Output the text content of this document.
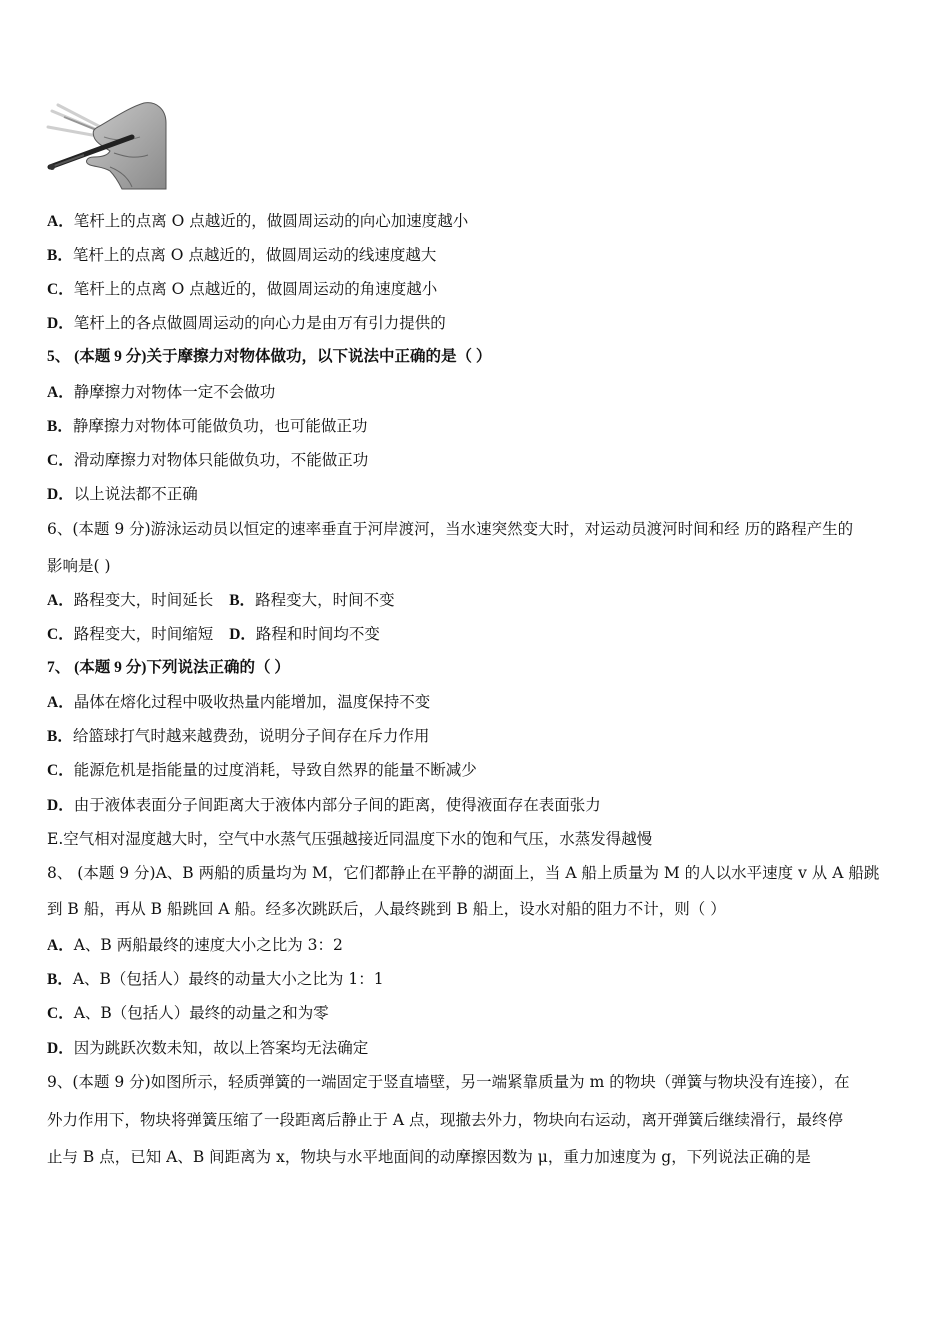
A．笔杆上的点离 O 点越近的，做圆周运动的向心加速度越小
B．笔杆上的点离 O 点越近的，做圆周运动的线速度越大
C．笔杆上的点离 O 点越近的，做圆周运动的角速度越小
D．笔杆上的各点做圆周运动的向心力是由万有引力提供的
5、 (本题 9 分)关于摩擦力对物体做功，以下说法中正确的是（ ）
A．静摩擦力对物体一定不会做功
B．静摩擦力对物体可能做负功，也可能做正功
C．滑动摩擦力对物体只能做负功，不能做正功
D．以上说法都不正确
6、(本题 9 分)游泳运动员以恒定的速率垂直于河岸渡河，当水速突然变大时，对运动员渡河时间和经 历的路程产生的
影响是( )
A．路程变大，时间延长 B．路程变大，时间不变
C．路程变大，时间缩短 D．路程和时间均不变
7、 (本题 9 分)下列说法正确的（ ）
A．晶体在熔化过程中吸收热量内能增加，温度保持不变
B．给篮球打气时越来越费劲，说明分子间存在斥力作用
C．能源危机是指能量的过度消耗，导致自然界的能量不断减少
D．由于液体表面分子间距离大于液体内部分子间的距离，使得液面存在表面张力
E.空气相对湿度越大时，空气中水蒸气压强越接近同温度下水的饱和气压，水蒸发得越慢
8、 (本题 9 分)A、B 两船的质量均为 M，它们都静止在平静的湖面上，当 A 船上质量为 M 的人以水平速度 v 从 A 船跳
到 B 船，再从 B 船跳回 A 船。经多次跳跃后，人最终跳到 B 船上，设水对船的阻力不计，则（ ）
A．A、B 两船最终的速度大小之比为 3：2
B．A、B（包括人）最终的动量大小之比为 1：1
C．A、B（包括人）最终的动量之和为零
D．因为跳跃次数未知，故以上答案均无法确定
9、(本题 9 分)如图所示，轻质弹簧的一端固定于竖直墙壁，另一端紧靠质量为 m 的物块（弹簧与物块没有连接），在
外力作用下，物块将弹簧压缩了一段距离后静止于 A 点，现撤去外力，物块向右运动，离开弹簧后继续滑行，最终停
止与 B 点，已知 A、B 间距离为 x，物块与水平地面间的动摩擦因数为 μ，重力加速度为 g，下列说法正确的是
